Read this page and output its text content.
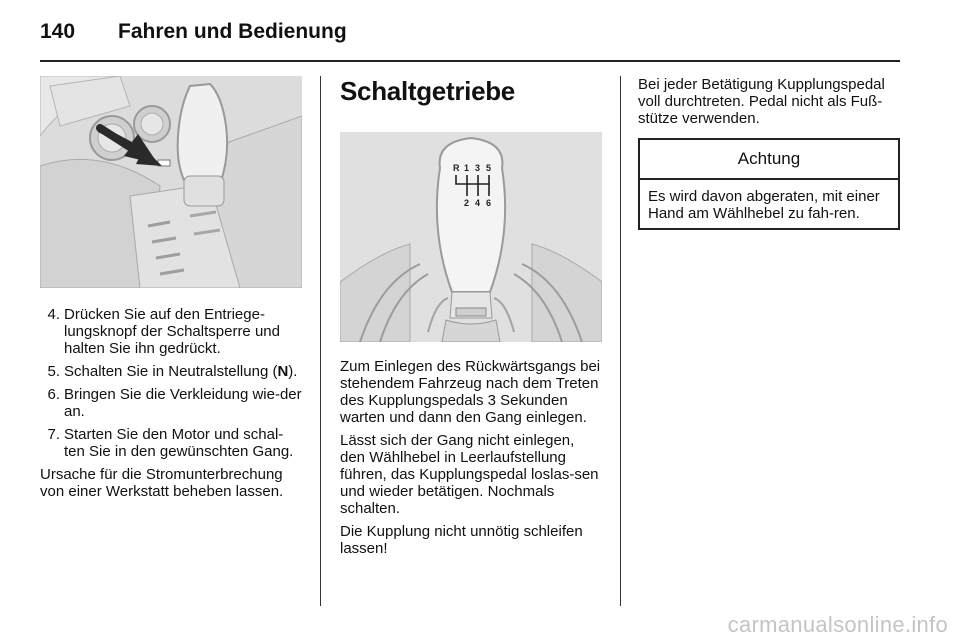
140 Fahren und Bedienung
4. Drücken Sie auf den Entriege-lungsknopf der Schaltsperre und halten Sie ihn gedrückt.
5. Schalten Sie in Neutralstellung (N).
6. Bringen Sie die Verkleidung wie-der an.
7. Starten Sie den Motor und schal-ten Sie in den gewünschten Gang.

Ursache für die Stromunterbrechung von einer Werkstatt beheben lassen.

Schaltgetriebe
R 1 3 5
2 4 6

Zum Einlegen des Rückwärtsgangs bei stehendem Fahrzeug nach dem Treten des Kupplungspedals 3 Sekunden warten und dann den Gang einlegen.

Lässt sich der Gang nicht einlegen, den Wählhebel in Leerlaufstellung führen, das Kupplungspedal loslas-sen und wieder betätigen. Nochmals schalten.

Die Kupplung nicht unnötig schleifen lassen!

Bei jeder Betätigung Kupplungspedal voll durchtreten. Pedal nicht als Fuß-stütze verwenden.

Achtung
Es wird davon abgeraten, mit einer Hand am Wählhebel zu fah-ren.
carmanualsonline.info
